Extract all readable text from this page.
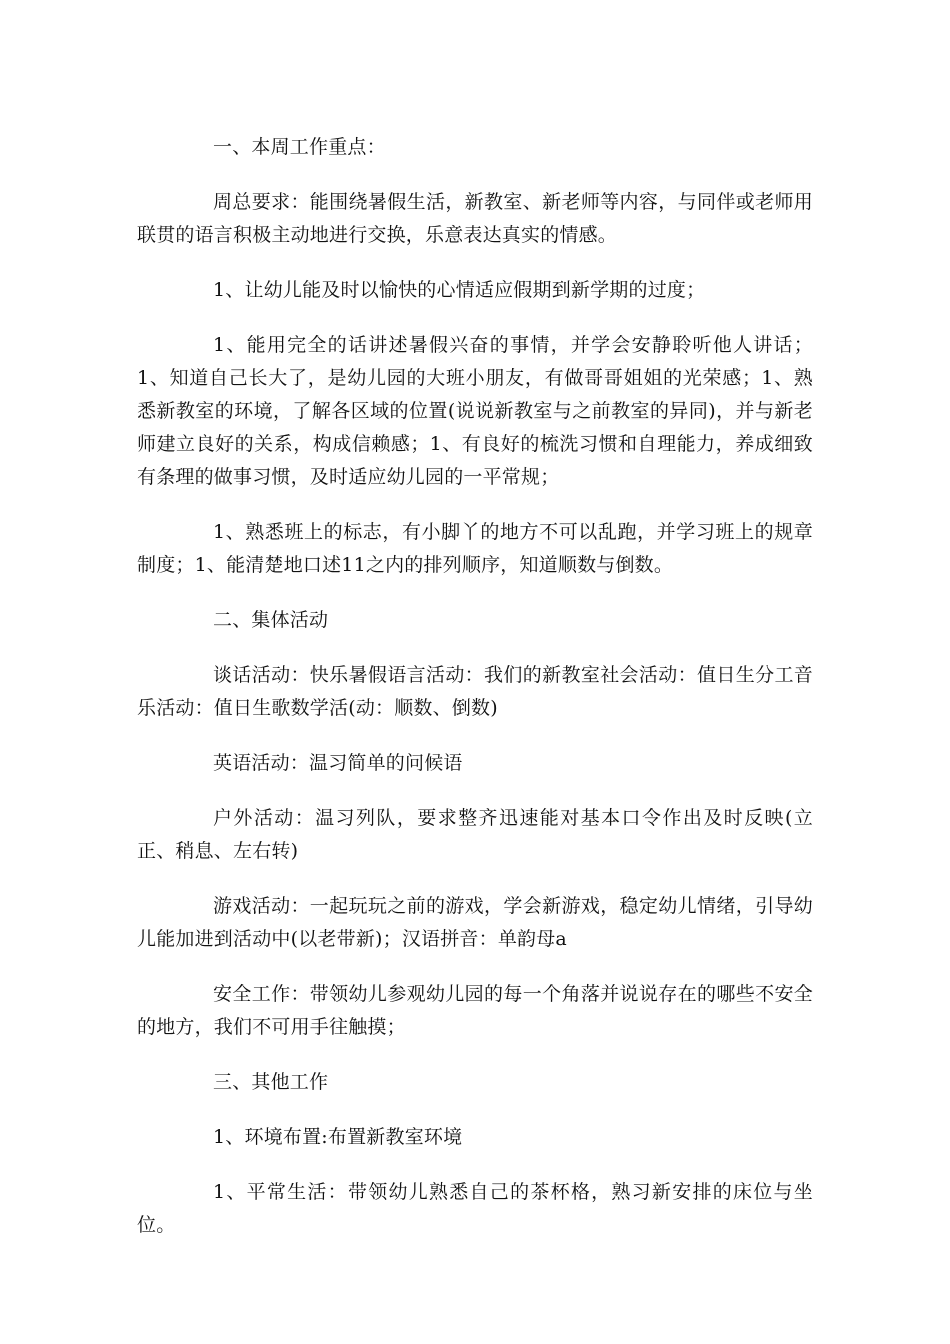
一、本周工作重点：

周总要求：能围绕暑假生活，新教室、新老师等内容，与同伴或老师用联贯的语言积极主动地进行交换，乐意表达真实的情感。

1、让幼儿能及时以愉快的心情适应假期到新学期的过度；

1、能用完全的话讲述暑假兴奋的事情，并学会安静聆听他人讲话；1、知道自己长大了，是幼儿园的大班小朋友，有做哥哥姐姐的光荣感；1、熟悉新教室的环境，了解各区域的位置(说说新教室与之前教室的异同)，并与新老师建立良好的关系，构成信赖感；1、有良好的梳洗习惯和自理能力，养成细致有条理的做事习惯，及时适应幼儿园的一平常规；

1、熟悉班上的标志，有小脚丫的地方不可以乱跑，并学习班上的规章制度；1、能清楚地口述11之内的排列顺序，知道顺数与倒数。

二、集体活动

谈话活动：快乐暑假语言活动：我们的新教室社会活动：值日生分工音乐活动：值日生歌数学活(动：顺数、倒数)

英语活动：温习简单的问候语

户外活动：温习列队，要求整齐迅速能对基本口令作出及时反映(立正、稍息、左右转)

游戏活动：一起玩玩之前的游戏，学会新游戏，稳定幼儿情绪，引导幼儿能加进到活动中(以老带新)；汉语拼音：单韵母a

安全工作：带领幼儿参观幼儿园的每一个角落并说说存在的哪些不安全的地方，我们不可用手往触摸；

三、其他工作

1、环境布置:布置新教室环境

1、平常生活：带领幼儿熟悉自己的茶杯格，熟习新安排的床位与坐位。
